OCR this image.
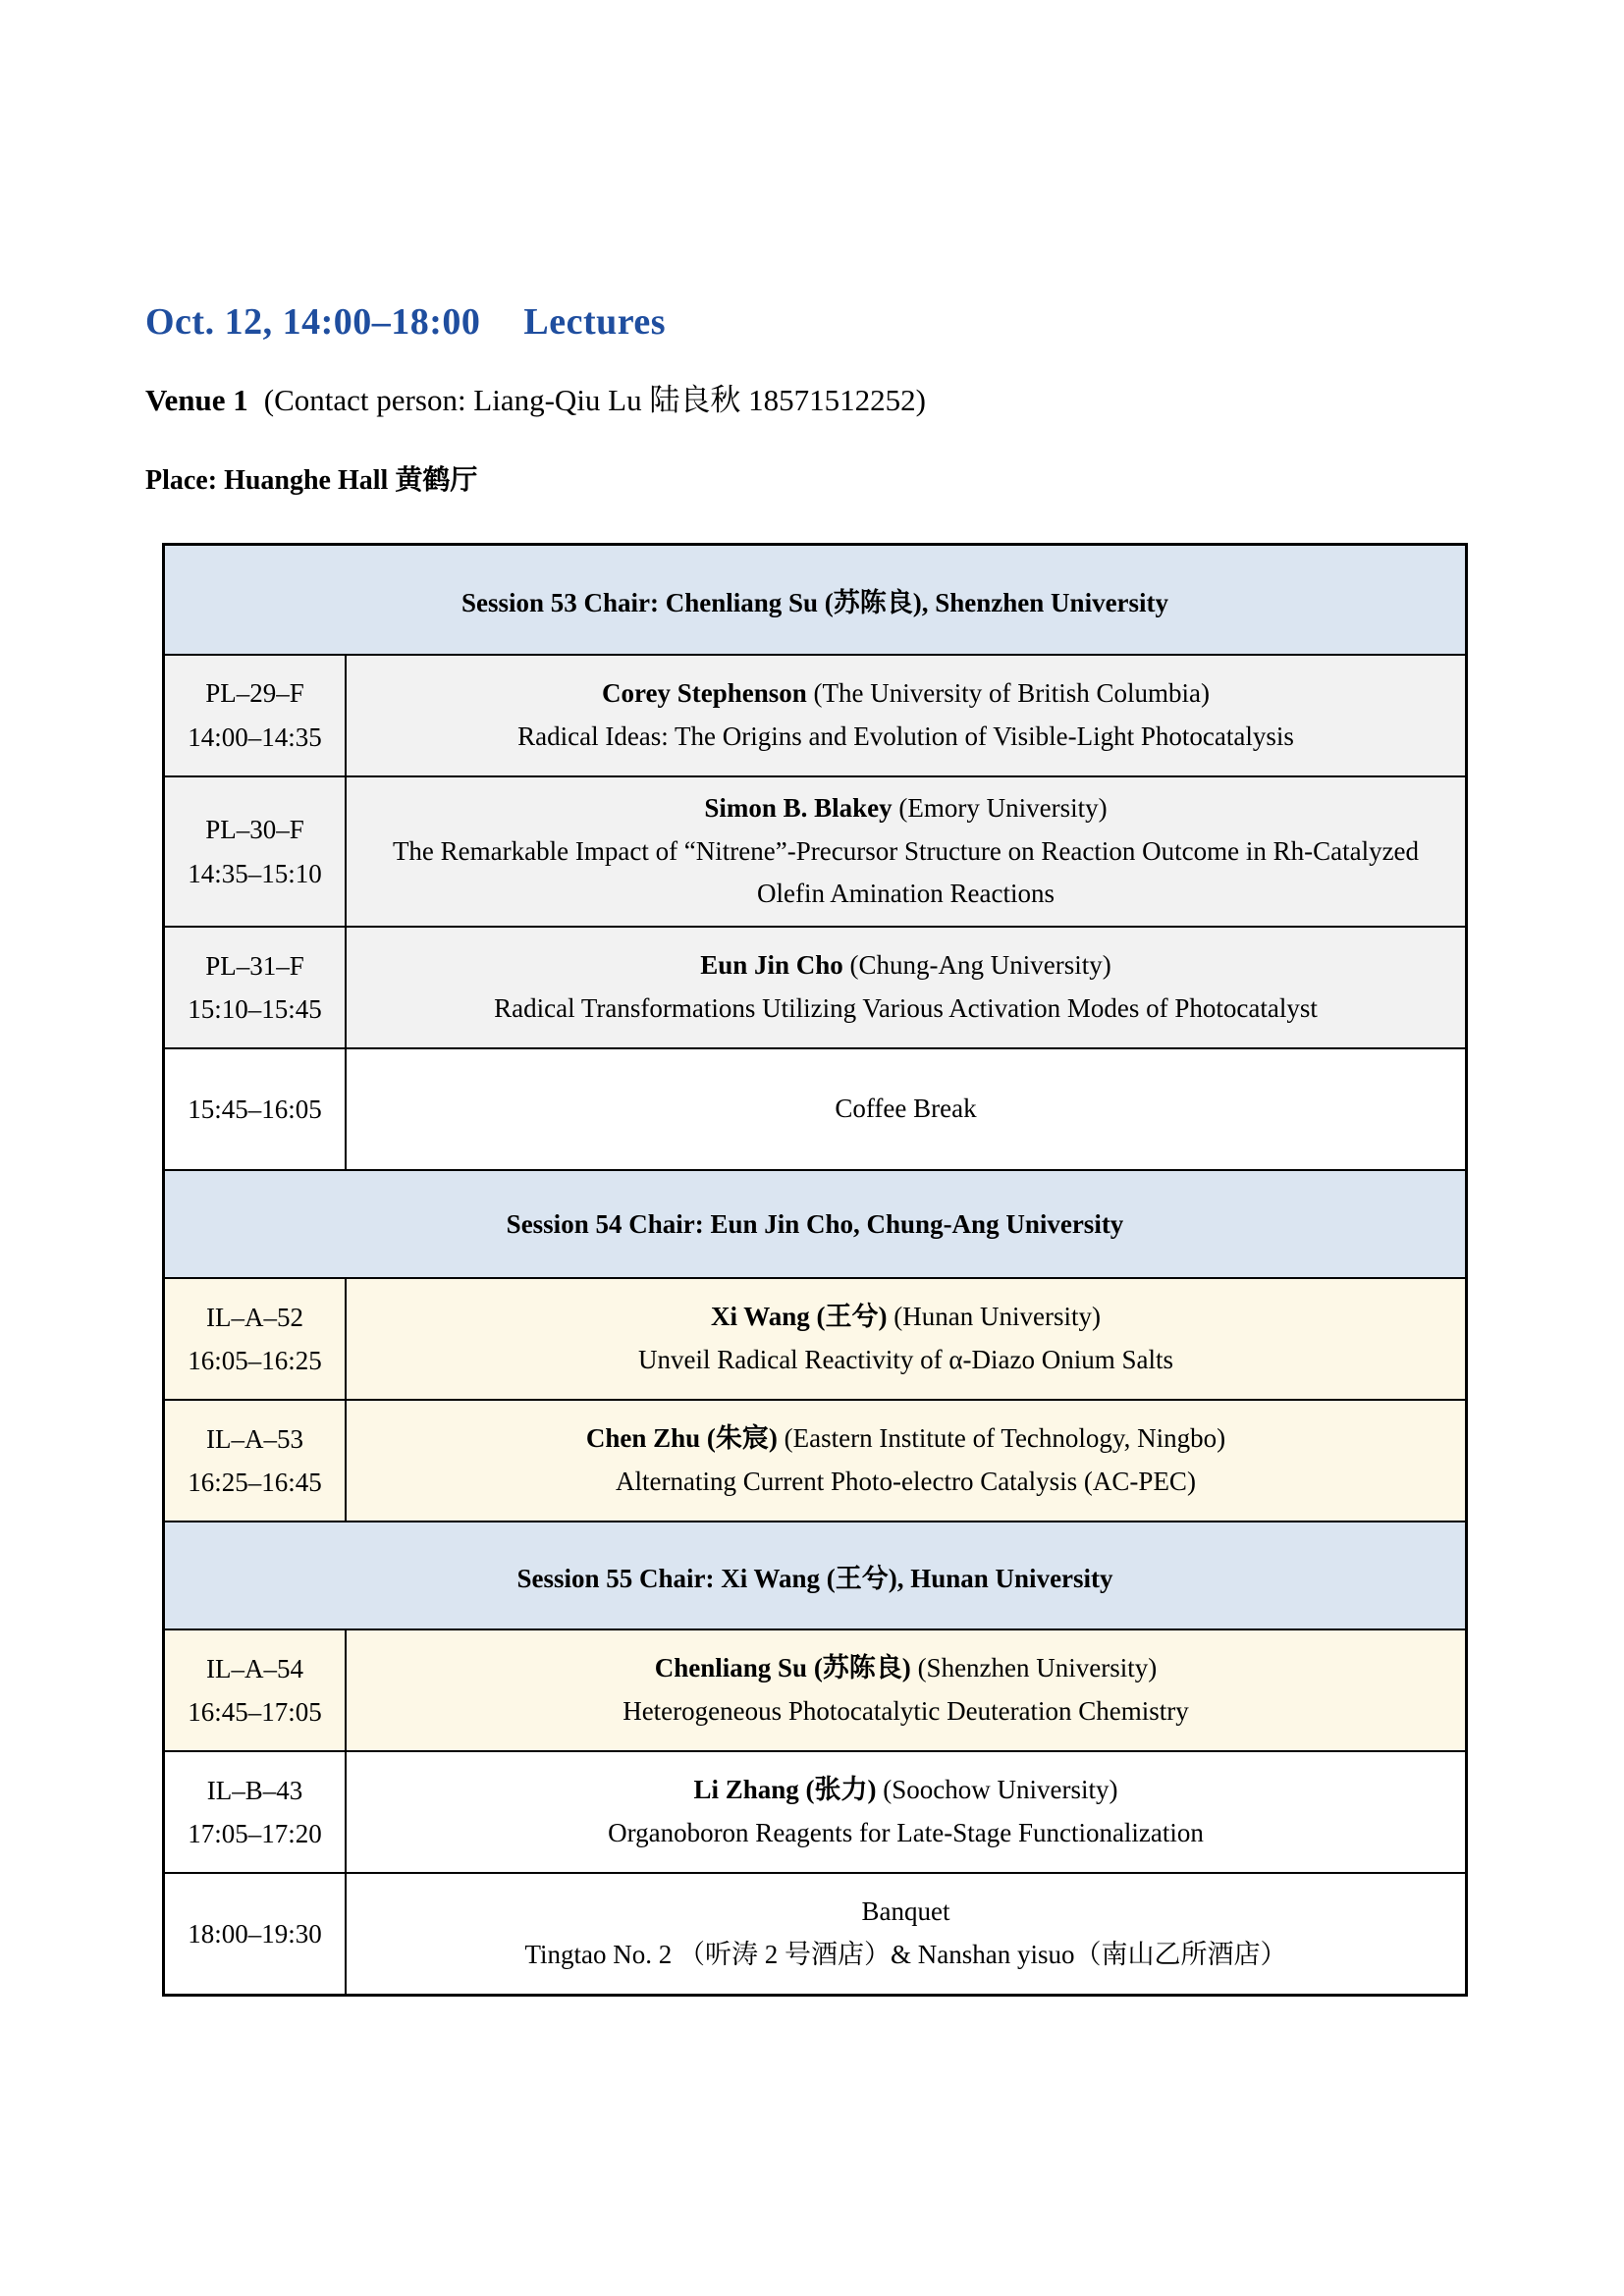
Oct. 12, 14:00–18:00 Lectures
Venue 1 (Contact person: Liang-Qiu Lu 陆良秋 18571512252)
Place: Huanghe Hall 黄鹤厅
Session 53 Chair: Chenliang Su (苏陈良), Shenzhen University
PL–29–F
14:00–14:35
Corey Stephenson (The University of British Columbia)
Radical Ideas: The Origins and Evolution of Visible-Light Photocatalysis
PL–30–F
14:35–15:10
Simon B. Blakey (Emory University)
The Remarkable Impact of “Nitrene”-Precursor Structure on Reaction Outcome in Rh-Catalyzed Olefin Amination Reactions
PL–31–F
15:10–15:45
Eun Jin Cho (Chung-Ang University)
Radical Transformations Utilizing Various Activation Modes of Photocatalyst
15:45–16:05	Coffee Break
Session 54 Chair: Eun Jin Cho, Chung-Ang University
IL–A–52
16:05–16:25
Xi Wang (王兮) (Hunan University)
Unveil Radical Reactivity of α-Diazo Onium Salts
IL–A–53
16:25–16:45
Chen Zhu (朱宸) (Eastern Institute of Technology, Ningbo)
Alternating Current Photo-electro Catalysis (AC-PEC)
Session 55 Chair: Xi Wang (王兮), Hunan University
IL–A–54
16:45–17:05
Chenliang Su (苏陈良) (Shenzhen University)
Heterogeneous Photocatalytic Deuteration Chemistry
IL–B–43
17:05–17:20
Li Zhang (张力) (Soochow University)
Organoboron Reagents for Late-Stage Functionalization
18:00–19:30
Banquet
Tingtao No. 2 （听涛 2 号酒店）& Nanshan yisuo（南山乙所酒店）
